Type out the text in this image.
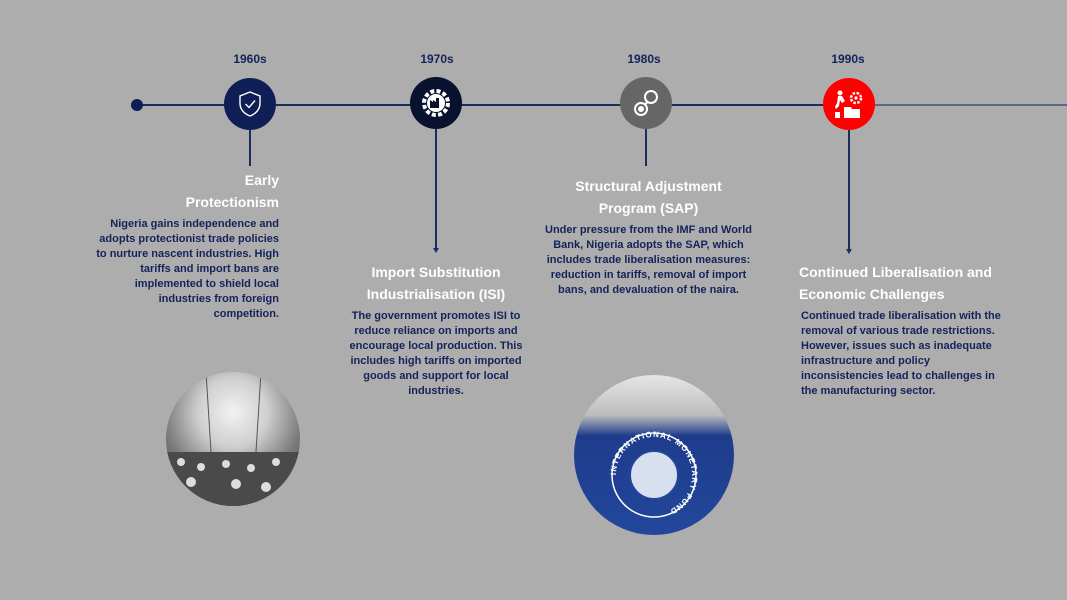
1960s
Early Protectionism
Nigeria gains independence and adopts protectionist trade policies to nurture nascent industries. High tariffs and import bans are implemented to shield local industries from foreign competition.
1970s
Import Substitution Industrialisation (ISI)
The government promotes ISI to reduce reliance on imports and encourage local production. This includes high tariffs on imported goods and support for local industries.
1980s
Structural Adjustment Program (SAP)
Under pressure from the IMF and World Bank, Nigeria adopts the SAP, which includes trade liberalisation measures: reduction in tariffs, removal of import bans, and devaluation of the naira.
INTERNATIONAL MONETARY FUND
1990s
Continued Liberalisation and Economic Challenges
Continued trade liberalisation with the removal of various trade restrictions. However, issues such as inadequate infrastructure and policy inconsistencies lead to challenges in the manufacturing sector.
